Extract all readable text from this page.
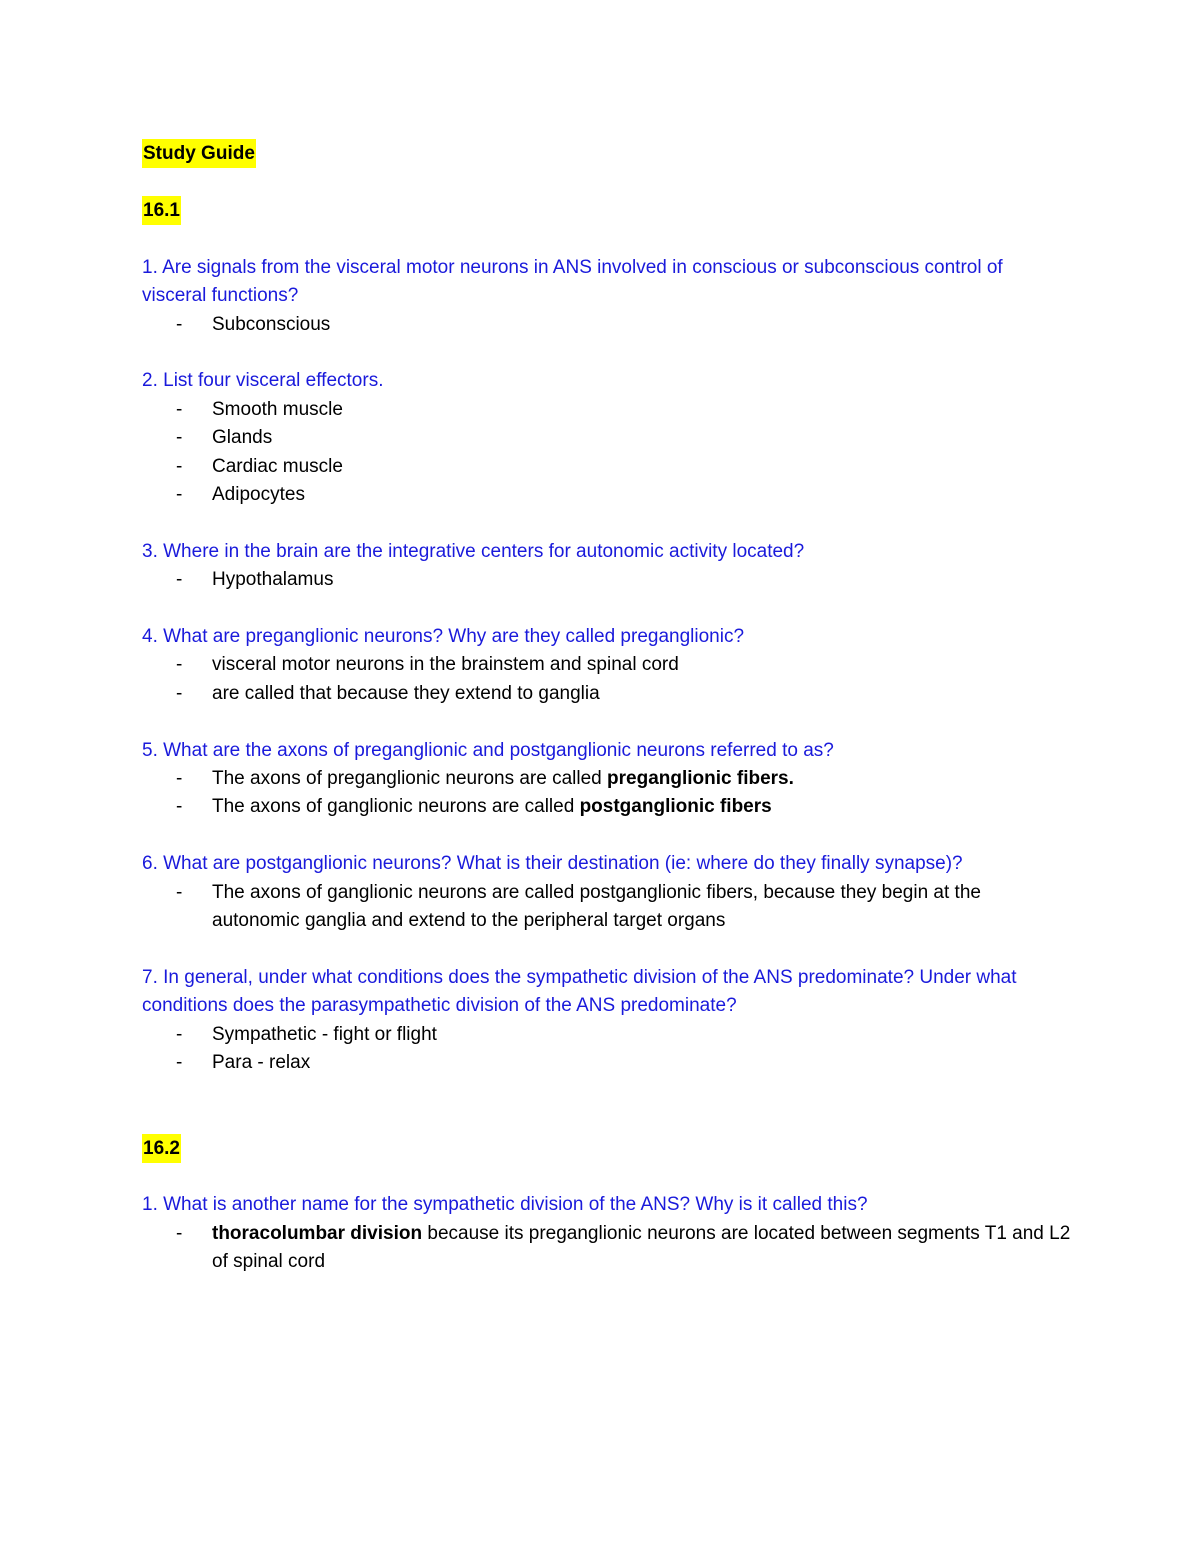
Study Guide
16.1

1. Are signals from the visceral motor neurons in ANS involved in conscious or subconscious control of visceral functions?

- Subconscious

2. List four visceral effectors.

- Smooth muscle
- Glands
- Cardiac muscle
- Adipocytes

3. Where in the brain are the integrative centers for autonomic activity located?

- Hypothalamus

4. What are preganglionic neurons? Why are they called preganglionic?

- visceral motor neurons in the brainstem and spinal cord
- are called that because they extend to ganglia

5. What are the axons of preganglionic and postganglionic neurons referred to as?

- The axons of preganglionic neurons are called preganglionic fibers.
- The axons of ganglionic neurons are called postganglionic fibers

6. What are postganglionic neurons? What is their destination (ie: where do they finally synapse)?

- The axons of ganglionic neurons are called postganglionic fibers, because they begin at the autonomic ganglia and extend to the peripheral target organs

7. In general, under what conditions does the sympathetic division of the ANS predominate? Under what conditions does the parasympathetic division of the ANS predominate?

- Sympathetic - fight or flight
- Para - relax
16.2

1. What is another name for the sympathetic division of the ANS? Why is it called this?

- thoracolumbar division because its preganglionic neurons are located between segments T1 and L2 of spinal cord
